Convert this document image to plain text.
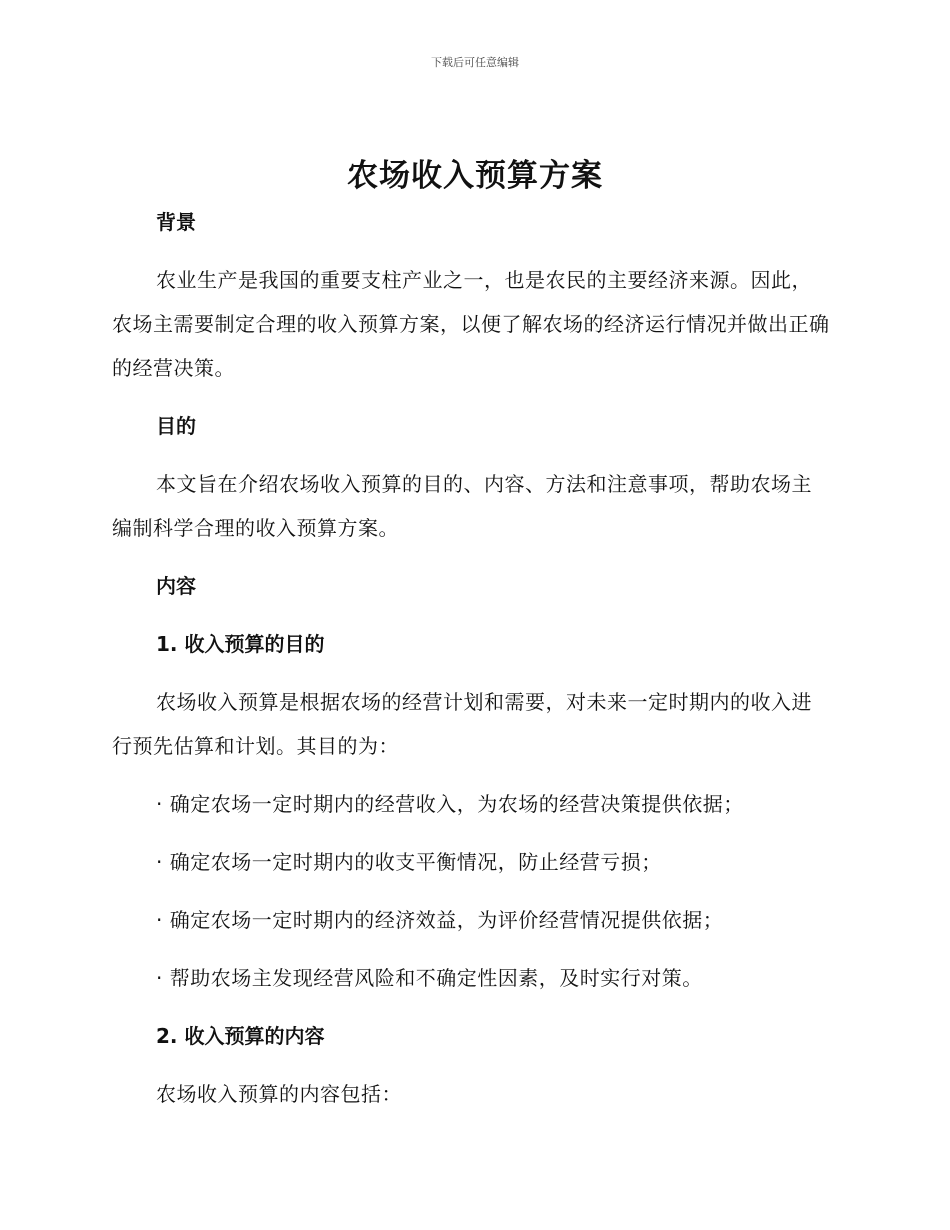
下载后可任意编辑
农场收入预算方案
背景
农业生产是我国的重要支柱产业之一，也是农民的主要经济来源。因此，农场主需要制定合理的收入预算方案，以便了解农场的经济运行情况并做出正确的经营决策。
目的
本文旨在介绍农场收入预算的目的、内容、方法和注意事项，帮助农场主编制科学合理的收入预算方案。
内容
1. 收入预算的目的
农场收入预算是根据农场的经营计划和需要，对未来一定时期内的收入进行预先估算和计划。其目的为：
· 确定农场一定时期内的经营收入，为农场的经营决策提供依据；
· 确定农场一定时期内的收支平衡情况，防止经营亏损；
· 确定农场一定时期内的经济效益，为评价经营情况提供依据；
· 帮助农场主发现经营风险和不确定性因素，及时实行对策。
2. 收入预算的内容
农场收入预算的内容包括：
